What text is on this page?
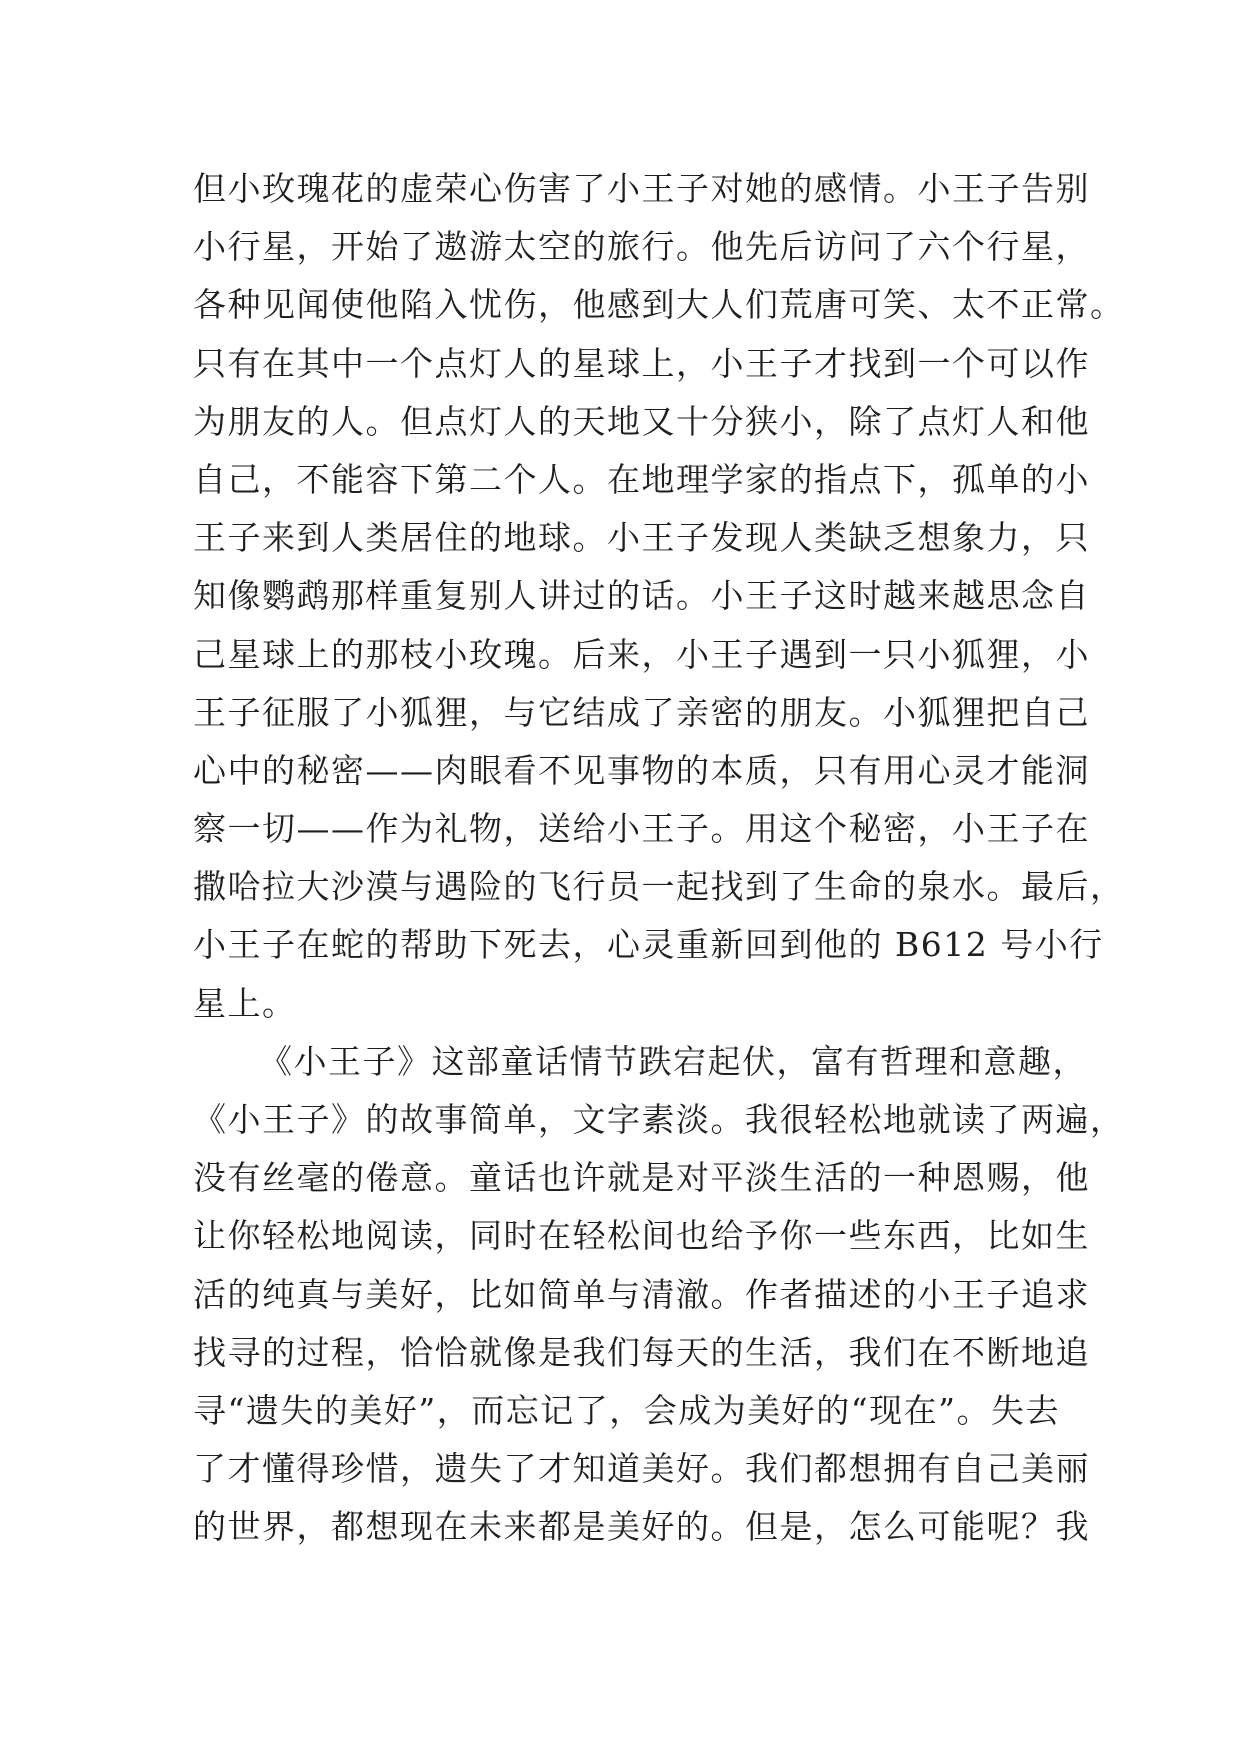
但小玫瑰花的虚荣心伤害了小王子对她的感情。小王子告别
小行星，开始了遨游太空的旅行。他先后访问了六个行星，
各种见闻使他陷入忧伤，他感到大人们荒唐可笑、太不正常。
只有在其中一个点灯人的星球上，小王子才找到一个可以作
为朋友的人。但点灯人的天地又十分狭小，除了点灯人和他
自己，不能容下第二个人。在地理学家的指点下，孤单的小
王子来到人类居住的地球。小王子发现人类缺乏想象力，只
知像鹦鹉那样重复别人讲过的话。小王子这时越来越思念自
己星球上的那枝小玫瑰。后来，小王子遇到一只小狐狸，小
王子征服了小狐狸，与它结成了亲密的朋友。小狐狸把自己
心中的秘密——肉眼看不见事物的本质，只有用心灵才能洞
察一切——作为礼物，送给小王子。用这个秘密，小王子在
撒哈拉大沙漠与遇险的飞行员一起找到了生命的泉水。最后，
小王子在蛇的帮助下死去，心灵重新回到他的 B612 号小行
星上。

《小王子》这部童话情节跌宕起伏，富有哲理和意趣，
《小王子》的故事简单，文字素淡。我很轻松地就读了两遍，
没有丝毫的倦意。童话也许就是对平淡生活的一种恩赐，他
让你轻松地阅读，同时在轻松间也给予你一些东西，比如生
活的纯真与美好，比如简单与清澈。作者描述的小王子追求
找寻的过程，恰恰就像是我们每天的生活，我们在不断地追
寻“遗失的美好”，而忘记了，会成为美好的“现在”。失去
了才懂得珍惜，遗失了才知道美好。我们都想拥有自己美丽
的世界，都想现在未来都是美好的。但是，怎么可能呢？我
